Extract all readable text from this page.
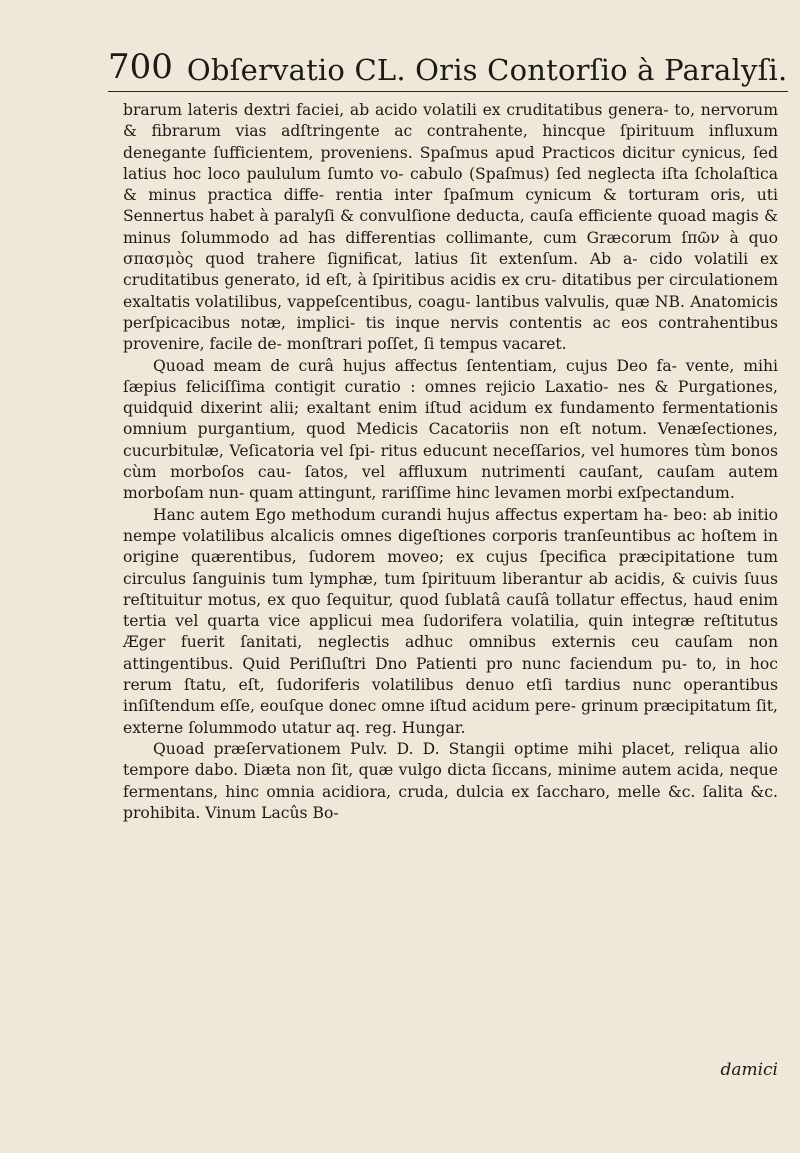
700 Obſervatio CL. Oris Contorſio à Paralyſi.

brarum lateris dextri faciei, ab acido volatili ex cruditatibus genera- to, nervorum & fibrarum vias adſtringente ac contrahente, hincque ſpirituum influxum denegante ſufficientem, proveniens. Spaſmus apud Practicos dicitur cynicus, ſed latius hoc loco paululum ſumto vo- cabulo (Spaſmus) ſed neglecta iſta ſcholaſtica & minus practica diffe- rentia inter ſpaſmum cynicum & torturam oris, uti Sennertus habet à paralyſi & convulſione deducta, cauſa efficiente quoad magis & minus ſolummodo ad has differentias collimante, cum Græcorum ſπῶν à quo σπασμὸς quod trahere ſignificat, latius ſit extenſum. Ab a- cido volatili ex cruditatibus generato, id eſt, à ſpiritibus acidis ex cru- ditatibus per circulationem exaltatis volatilibus, vappeſcentibus, coagu- lantibus valvulis, quæ NB. Anatomicis perſpicacibus notæ, implici- tis inque nervis contentis ac eos contrahentibus provenire, facile de- monſtrari poſſet, ſi tempus vacaret.

Quoad meam de curâ hujus affectus ſententiam, cujus Deo fa- vente, mihi ſæpius feliciſſima contigit curatio : omnes rejicio Laxatio- nes & Purgationes, quidquid dixerint alii; exaltant enim iſtud acidum ex fundamento fermentationis omnium purgantium, quod Medicis Cacatoriis non eſt notum. Venæſectiones, cucurbitulæ, Veſicatoria vel ſpi- ritus educunt neceſſarios, vel humores tùm bonos cùm morboſos cau- ſatos, vel affluxum nutrimenti cauſant, cauſam autem morboſam nun- quam attingunt, rariſſime hinc levamen morbi exſpectandum.

Hanc autem Ego methodum curandi hujus affectus expertam ha- beo: ab initio nempe volatilibus alcalicis omnes digeſtiones corporis tranſeuntibus ac hoſtem in origine quærentibus, ſudorem moveo; ex cujus ſpecifica præcipitatione tum circulus ſanguinis tum lymphæ, tum ſpirituum liberantur ab acidis, & cuivis ſuus reſtituitur motus, ex quo ſequitur, quod ſublatâ cauſâ tollatur effectus, haud enim tertia vel quarta vice applicui mea ſudorifera volatilia, quin integræ reſtitutus Æger fuerit ſanitati, neglectis adhuc omnibus externis ceu cauſam non attingentibus. Quid Periſluſtri Dno Patienti pro nunc faciendum pu- to, in hoc rerum ſtatu, eſt, ſudoriferis volatilibus denuo etſi tardius nunc operantibus inſiſtendum eſſe, eouſque donec omne iſtud acidum pere- grinum præcipitatum ſit, externe ſolummodo utatur aq. reg. Hungar.

Quoad præſervationem Pulv. D. D. Stangii optime mihi placet, reliqua alio tempore dabo. Diæta non ſit, quæ vulgo dicta ſiccans, minime autem acida, neque fermentans, hinc omnia acidiora, cruda, dulcia ex ſaccharo, melle &c. ſalita &c. prohibita. Vinum Lacûs Bo-

damici
